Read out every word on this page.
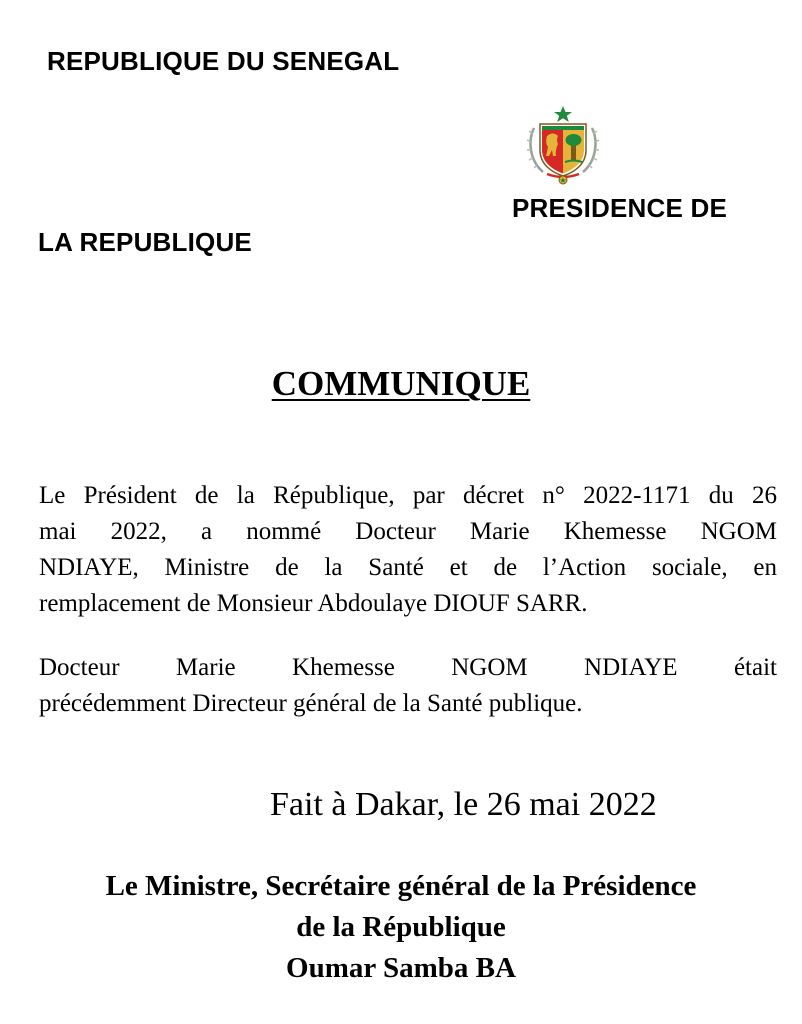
REPUBLIQUE DU SENEGAL
PRESIDENCE DE
LA REPUBLIQUE
COMMUNIQUE
Le Président de la République, par décret n° 2022-1171 du 26
mai 2022, a nommé Docteur Marie Khemesse NGOM
NDIAYE, Ministre de la Santé et de l’Action sociale, en
remplacement de Monsieur Abdoulaye DIOUF SARR.
Docteur Marie Khemesse NGOM NDIAYE était
précédemment Directeur général de la Santé publique.
Fait à Dakar, le 26 mai 2022
Le Ministre, Secrétaire général de la Présidence
de la République
Oumar Samba BA
